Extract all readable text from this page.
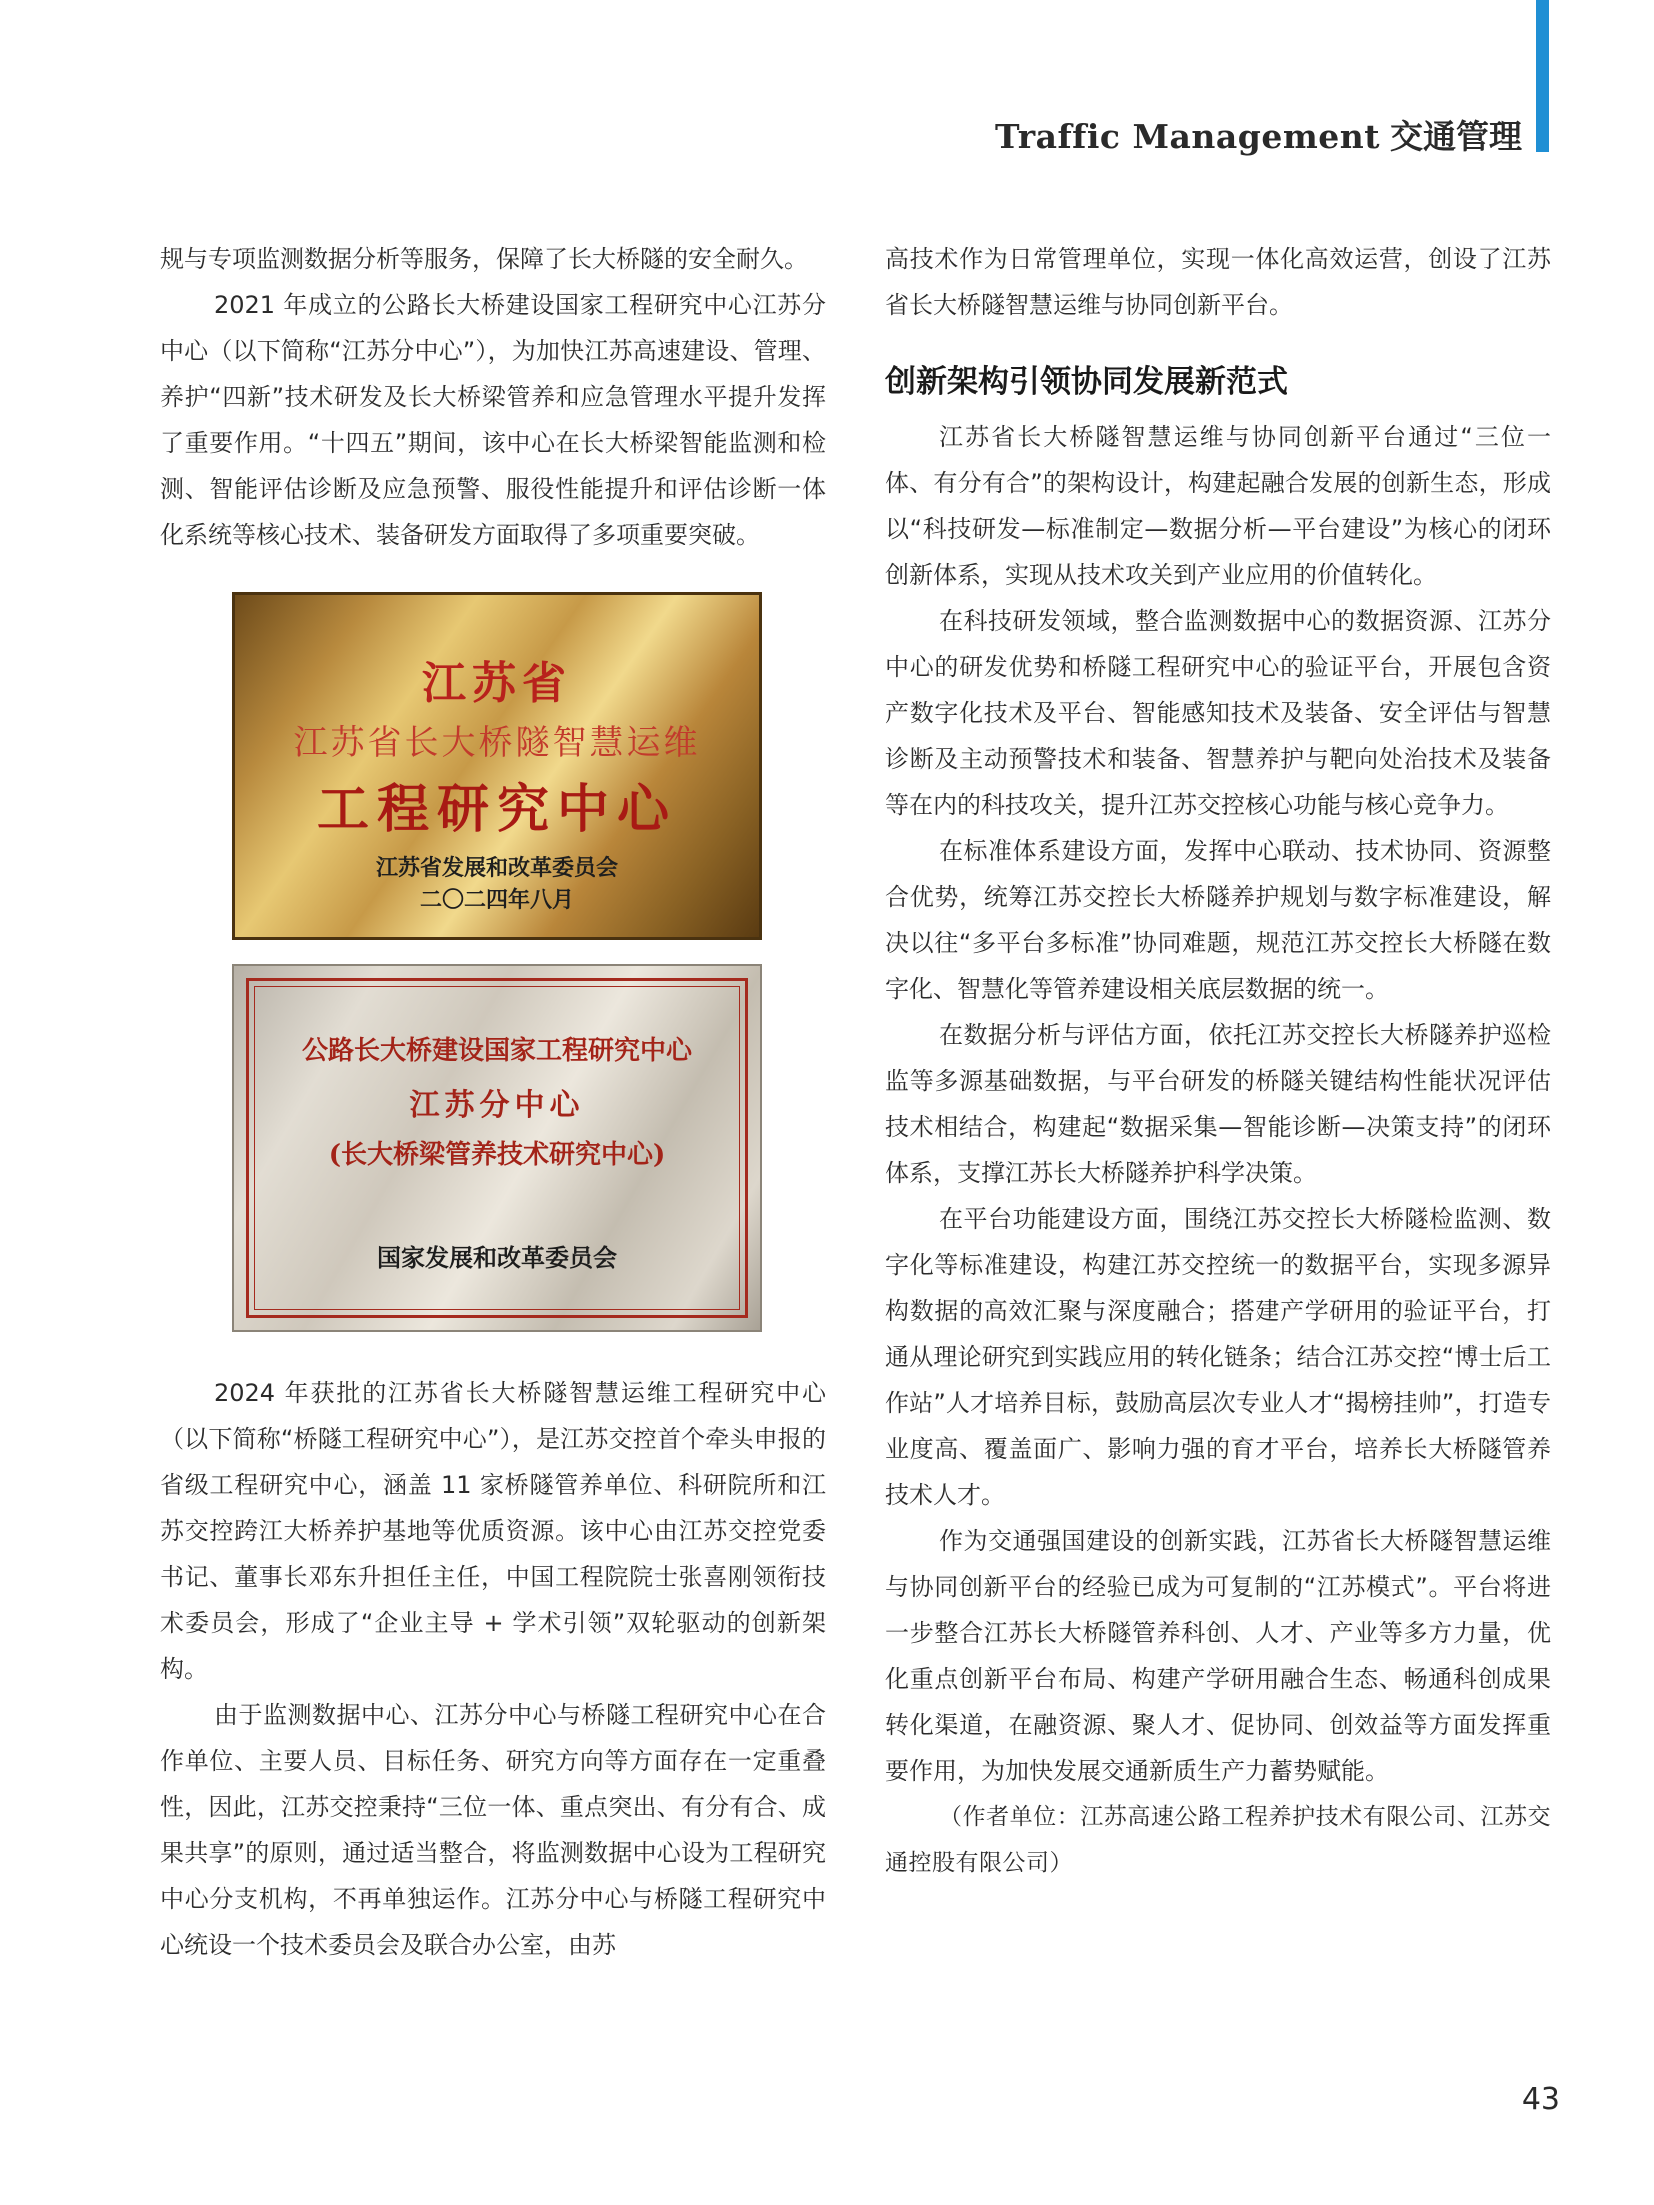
Traffic Management 交通管理

规与专项监测数据分析等服务，保障了长大桥隧的安全耐久。

2021 年成立的公路长大桥建设国家工程研究中心江苏分中心（以下简称“江苏分中心”），为加快江苏高速建设、管理、养护“四新”技术研发及长大桥梁管养和应急管理水平提升发挥了重要作用。“十四五”期间，该中心在长大桥梁智能监测和检测、智能评估诊断及应急预警、服役性能提升和评估诊断一体化系统等核心技术、装备研发方面取得了多项重要突破。

江苏省
江苏省长大桥隧智慧运维
工程研究中心
江苏省发展和改革委员会
二〇二四年八月
公路长大桥建设国家工程研究中心
江苏分中心
(长大桥梁管养技术研究中心)
国家发展和改革委员会

2024 年获批的江苏省长大桥隧智慧运维工程研究中心（以下简称“桥隧工程研究中心”），是江苏交控首个牵头申报的省级工程研究中心，涵盖 11 家桥隧管养单位、科研院所和江苏交控跨江大桥养护基地等优质资源。该中心由江苏交控党委书记、董事长邓东升担任主任，中国工程院院士张喜刚领衔技术委员会，形成了“企业主导 + 学术引领”双轮驱动的创新架构。

由于监测数据中心、江苏分中心与桥隧工程研究中心在合作单位、主要人员、目标任务、研究方向等方面存在一定重叠性，因此，江苏交控秉持“三位一体、重点突出、有分有合、成果共享”的原则，通过适当整合，将监测数据中心设为工程研究中心分支机构，不再单独运作。江苏分中心与桥隧工程研究中心统设一个技术委员会及联合办公室，由苏

高技术作为日常管理单位，实现一体化高效运营，创设了江苏省长大桥隧智慧运维与协同创新平台。

创新架构引领协同发展新范式

江苏省长大桥隧智慧运维与协同创新平台通过“三位一体、有分有合”的架构设计，构建起融合发展的创新生态，形成以“科技研发—标准制定—数据分析—平台建设”为核心的闭环创新体系，实现从技术攻关到产业应用的价值转化。

在科技研发领域，整合监测数据中心的数据资源、江苏分中心的研发优势和桥隧工程研究中心的验证平台，开展包含资产数字化技术及平台、智能感知技术及装备、安全评估与智慧诊断及主动预警技术和装备、智慧养护与靶向处治技术及装备等在内的科技攻关，提升江苏交控核心功能与核心竞争力。

在标准体系建设方面，发挥中心联动、技术协同、资源整合优势，统筹江苏交控长大桥隧养护规划与数字标准建设，解决以往“多平台多标准”协同难题，规范江苏交控长大桥隧在数字化、智慧化等管养建设相关底层数据的统一。

在数据分析与评估方面，依托江苏交控长大桥隧养护巡检监等多源基础数据，与平台研发的桥隧关键结构性能状况评估技术相结合，构建起“数据采集—智能诊断—决策支持”的闭环体系，支撑江苏长大桥隧养护科学决策。

在平台功能建设方面，围绕江苏交控长大桥隧检监测、数字化等标准建设，构建江苏交控统一的数据平台，实现多源异构数据的高效汇聚与深度融合；搭建产学研用的验证平台，打通从理论研究到实践应用的转化链条；结合江苏交控“博士后工作站”人才培养目标，鼓励高层次专业人才“揭榜挂帅”，打造专业度高、覆盖面广、影响力强的育才平台，培养长大桥隧管养技术人才。

作为交通强国建设的创新实践，江苏省长大桥隧智慧运维与协同创新平台的经验已成为可复制的“江苏模式”。平台将进一步整合江苏长大桥隧管养科创、人才、产业等多方力量，优化重点创新平台布局、构建产学研用融合生态、畅通科创成果转化渠道，在融资源、聚人才、促协同、创效益等方面发挥重要作用，为加快发展交通新质生产力蓄势赋能。

（作者单位：江苏高速公路工程养护技术有限公司、江苏交通控股有限公司）

43
